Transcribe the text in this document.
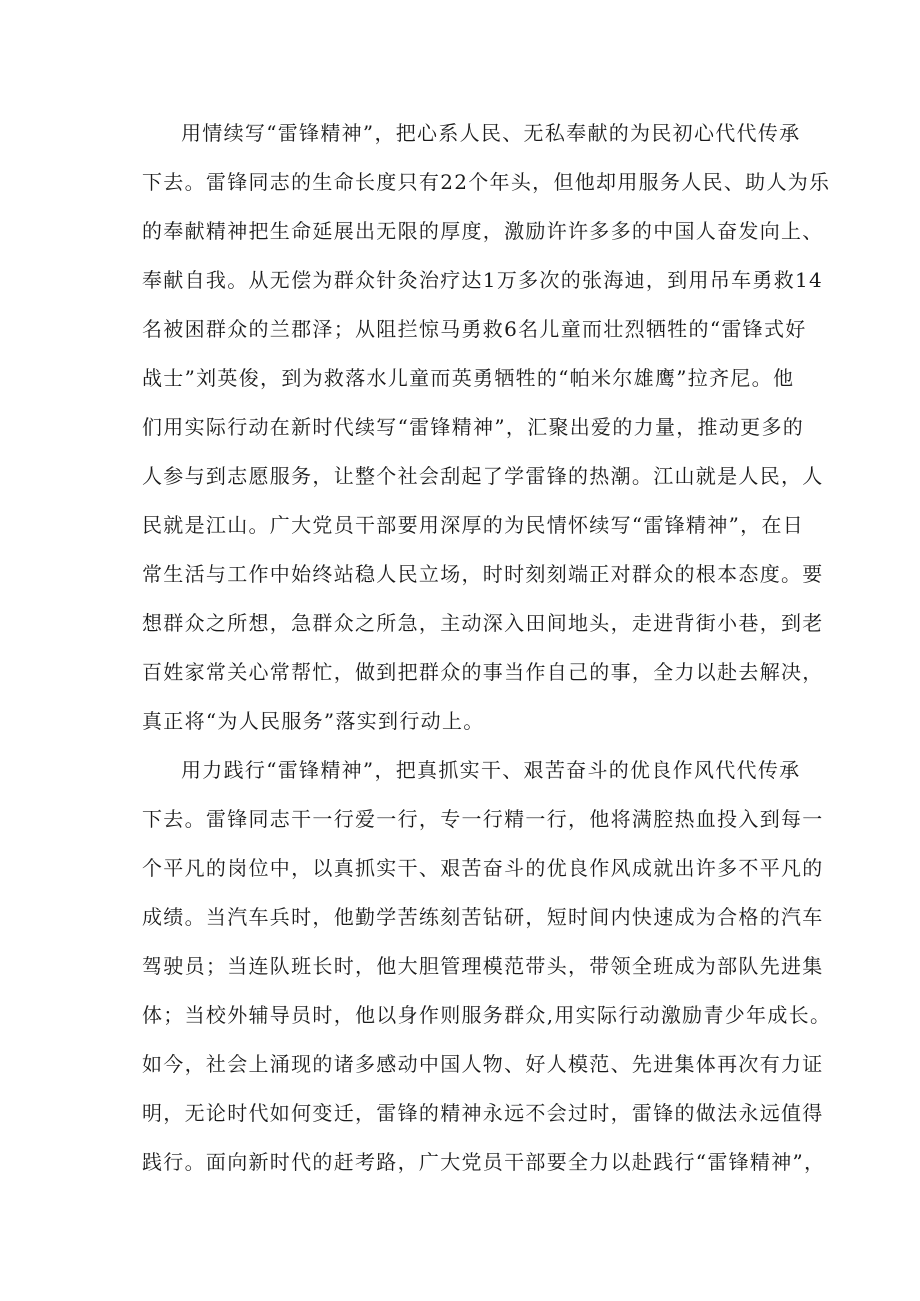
用情续写“雷锋精神”，把心系人民、无私奉献的为民初心代代传承
下去。雷锋同志的生命长度只有22个年头，但他却用服务人民、助人为乐
的奉献精神把生命延展出无限的厚度，激励许许多多的中国人奋发向上、
奉献自我。从无偿为群众针灸治疗达1万多次的张海迪，到用吊车勇救14
名被困群众的兰郡泽；从阻拦惊马勇救6名儿童而壮烈牺牲的“雷锋式好
战士”刘英俊，到为救落水儿童而英勇牺牲的“帕米尔雄鹰”拉齐尼。他
们用实际行动在新时代续写“雷锋精神”，汇聚出爱的力量，推动更多的
人参与到志愿服务，让整个社会刮起了学雷锋的热潮。江山就是人民，人
民就是江山。广大党员干部要用深厚的为民情怀续写“雷锋精神”，在日
常生活与工作中始终站稳人民立场，时时刻刻端正对群众的根本态度。要
想群众之所想，急群众之所急，主动深入田间地头，走进背街小巷，到老
百姓家常关心常帮忙，做到把群众的事当作自己的事，全力以赴去解决，
真正将“为人民服务”落实到行动上。
用力践行“雷锋精神”，把真抓实干、艰苦奋斗的优良作风代代传承
下去。雷锋同志干一行爱一行，专一行精一行，他将满腔热血投入到每一
个平凡的岗位中，以真抓实干、艰苦奋斗的优良作风成就出许多不平凡的
成绩。当汽车兵时，他勤学苦练刻苦钻研，短时间内快速成为合格的汽车
驾驶员；当连队班长时，他大胆管理模范带头，带领全班成为部队先进集
体；当校外辅导员时，他以身作则服务群众,用实际行动激励青少年成长。
如今，社会上涌现的诸多感动中国人物、好人模范、先进集体再次有力证
明，无论时代如何变迁，雷锋的精神永远不会过时，雷锋的做法永远值得
践行。面向新时代的赶考路，广大党员干部要全力以赴践行“雷锋精神”，
